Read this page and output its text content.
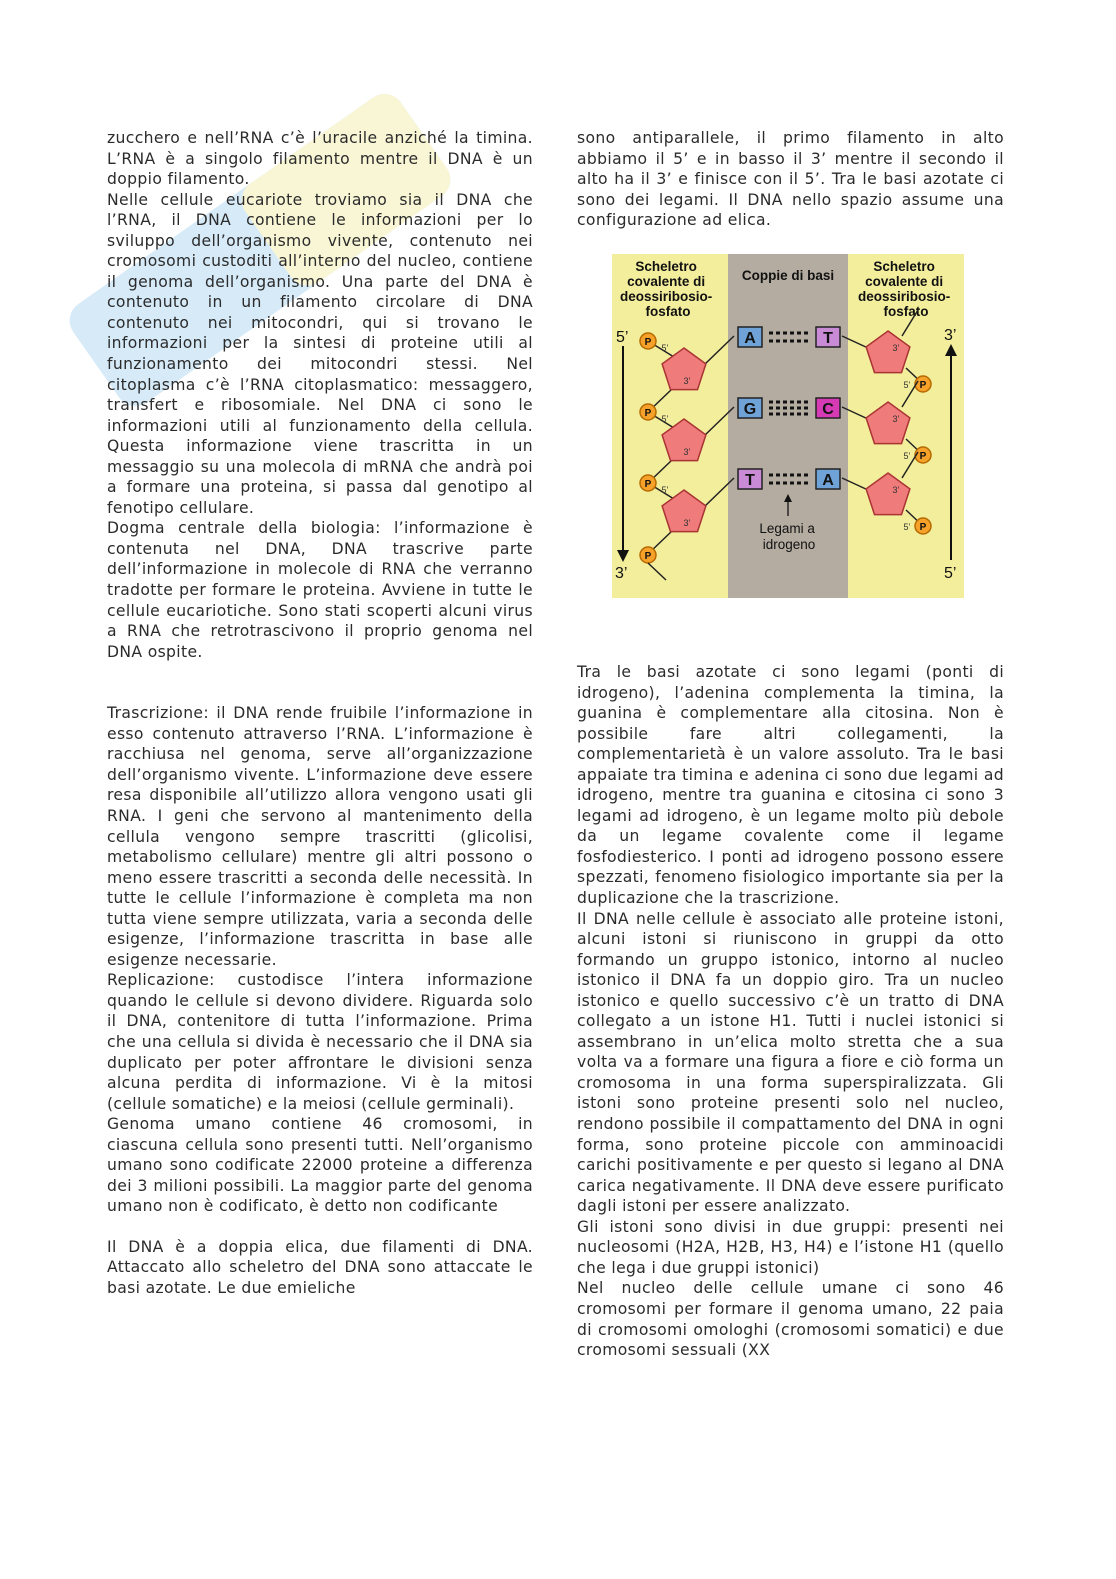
zucchero e nell’RNA c’è l’uracile anziché la timina. L’RNA è a singolo filamento mentre il DNA è un doppio filamento.

Nelle cellule eucariote troviamo sia il DNA che l’RNA, il DNA contiene le informazioni per lo sviluppo dell’organismo vivente, contenuto nei cromosomi custoditi all’interno del nucleo, contiene il genoma dell’organismo. Una parte del DNA è contenuto in un filamento circolare di DNA contenuto nei mitocondri, qui si trovano le informazioni per la sintesi di proteine utili al funzionamento dei mitocondri stessi. Nel citoplasma c’è l’RNA citoplasmatico: messaggero, transfert e ribosomiale. Nel DNA ci sono le informazioni utili al funzionamento della cellula. Questa informazione viene trascritta in un messaggio su una molecola di mRNA che andrà poi a formare una proteina, si passa dal genotipo al fenotipo cellulare.

Dogma centrale della biologia: l’informazione è contenuta nel DNA, DNA trascrive parte dell’informazione in molecole di RNA che verranno tradotte per formare le proteina. Avviene in tutte le cellule eucariotiche. Sono stati scoperti alcuni virus a RNA che retrotrascivono il proprio genoma nel DNA ospite.

Trascrizione: il DNA rende fruibile l’informazione in esso contenuto attraverso l’RNA. L’informazione è racchiusa nel genoma, serve all’organizzazione dell’organismo vivente. L’informazione deve essere resa disponibile all’utilizzo allora vengono usati gli RNA. I geni che servono al mantenimento della cellula vengono sempre trascritti (glicolisi, metabolismo cellulare) mentre gli altri possono o meno essere trascritti a seconda delle necessità. In tutte le cellule l’informazione è completa ma non tutta viene sempre utilizzata, varia a seconda delle esigenze, l’informazione trascritta in base alle esigenze necessarie.

Replicazione: custodisce l’intera informazione quando le cellule si devono dividere. Riguarda solo il DNA, contenitore di tutta l’informazione. Prima che una cellula si divida è necessario che il DNA sia duplicato per poter affrontare le divisioni senza alcuna perdita di informazione. Vi è la mitosi (cellule somatiche) e la meiosi (cellule germinali).

Genoma umano contiene 46 cromosomi, in ciascuna cellula sono presenti tutti. Nell’organismo umano sono codificate 22000 proteine a differenza dei 3 milioni possibili. La maggior parte del genoma umano non è codificato, è detto non codificante

Il DNA è a doppia elica, due filamenti di DNA. Attaccato allo scheletro del DNA sono attaccate le basi azotate. Le due emieliche

sono antiparallele, il primo filamento in alto abbiamo il 5’ e in basso il 3’ mentre il secondo il alto ha il 3’ e finisce con il 5’. Tra le basi azotate ci sono dei legami. Il DNA nello spazio assume una configurazione ad elica.

Scheletro covalente di deossiribosio- fosfato
Coppie di basi
Scheletro covalente di deossiribosio- fosfato
5’
3’
3’
5’
3’
5’
P	3’
5’ P
A	T
3’
5’
P	3’
5’ P
G	C
3’
5’
P	3’
5’ P
T	A
P
Legami a idrogeno

Tra le basi azotate ci sono legami (ponti di idrogeno), l’adenina complementa la timina, la guanina è complementare alla citosina. Non è possibile fare altri collegamenti, la complementarietà è un valore assoluto. Tra le basi appaiate tra timina e adenina ci sono due legami ad idrogeno, mentre tra guanina e citosina ci sono 3 legami ad idrogeno, è un legame molto più debole da un legame covalente come il legame fosfodiesterico. I ponti ad idrogeno possono essere spezzati, fenomeno fisiologico importante sia per la duplicazione che la trascrizione.

Il DNA nelle cellule è associato alle proteine istoni, alcuni istoni si riuniscono in gruppi da otto formando un gruppo istonico, intorno al nucleo istonico il DNA fa un doppio giro. Tra un nucleo istonico e quello successivo c’è un tratto di DNA collegato a un istone H1. Tutti i nuclei istonici si assembrano in un’elica molto stretta che a sua volta va a formare una figura a fiore e ciò forma un cromosoma in una forma superspiralizzata. Gli istoni sono proteine presenti solo nel nucleo, rendono possibile il compattamento del DNA in ogni forma, sono proteine piccole con amminoacidi carichi positivamente e per questo si legano al DNA carica negativamente. Il DNA deve essere purificato dagli istoni per essere analizzato.

Gli istoni sono divisi in due gruppi: presenti nei nucleosomi (H2A, H2B, H3, H4) e l’istone H1 (quello che lega i due gruppi istonici)

Nel nucleo delle cellule umane ci sono 46 cromosomi per formare il genoma umano, 22 paia di cromosomi omologhi (cromosomi somatici) e due cromosomi sessuali (XX
